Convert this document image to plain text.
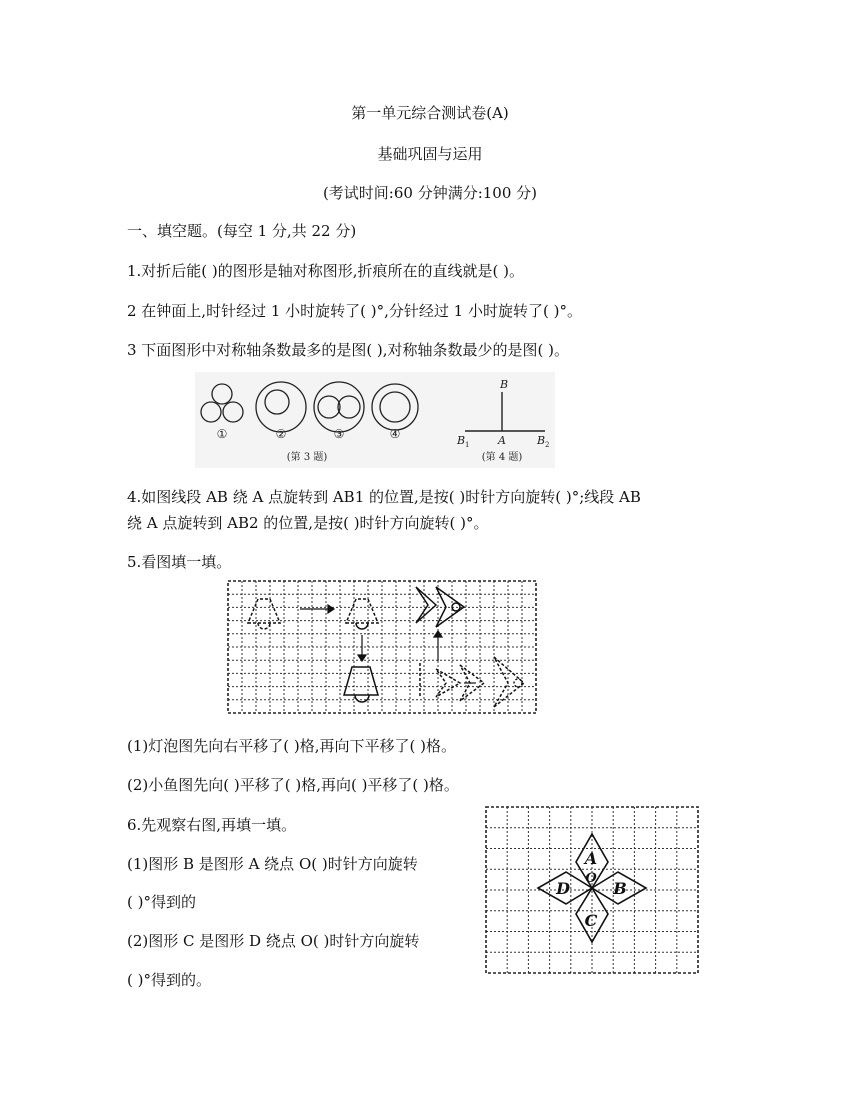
第一单元综合测试卷(A)
基础巩固与运用
(考试时间:60 分钟满分:100 分)
一、填空题。(每空 1 分,共 22 分)
1.对折后能( )的图形是轴对称图形,折痕所在的直线就是( )。
2 在钟面上,时针经过 1 小时旋转了( )°,分针经过 1 小时旋转了( )°。
3 下面图形中对称轴条数最多的是图( ),对称轴条数最少的是图( )。
①	②	③	④
(第 3 题)
B
A
B 1	B 2
(第 4 题)
4.如图线段 AB 绕 A 点旋转到 AB1 的位置,是按( )时针方向旋转( )°;线段 AB
绕 A 点旋转到 AB2 的位置,是按( )时针方向旋转( )°。
5.看图填一填。
(1)灯泡图先向右平移了( )格,再向下平移了( )格。
(2)小鱼图先向( )平移了( )格,再向( )平移了( )格。
6.先观察右图,再填一填。
(1)图形 B 是图形 A 绕点 O( )时针方向旋转
( )°得到的
(2)图形 C 是图形 D 绕点 O( )时针方向旋转
( )°得到的。
A
O
B
C
D
